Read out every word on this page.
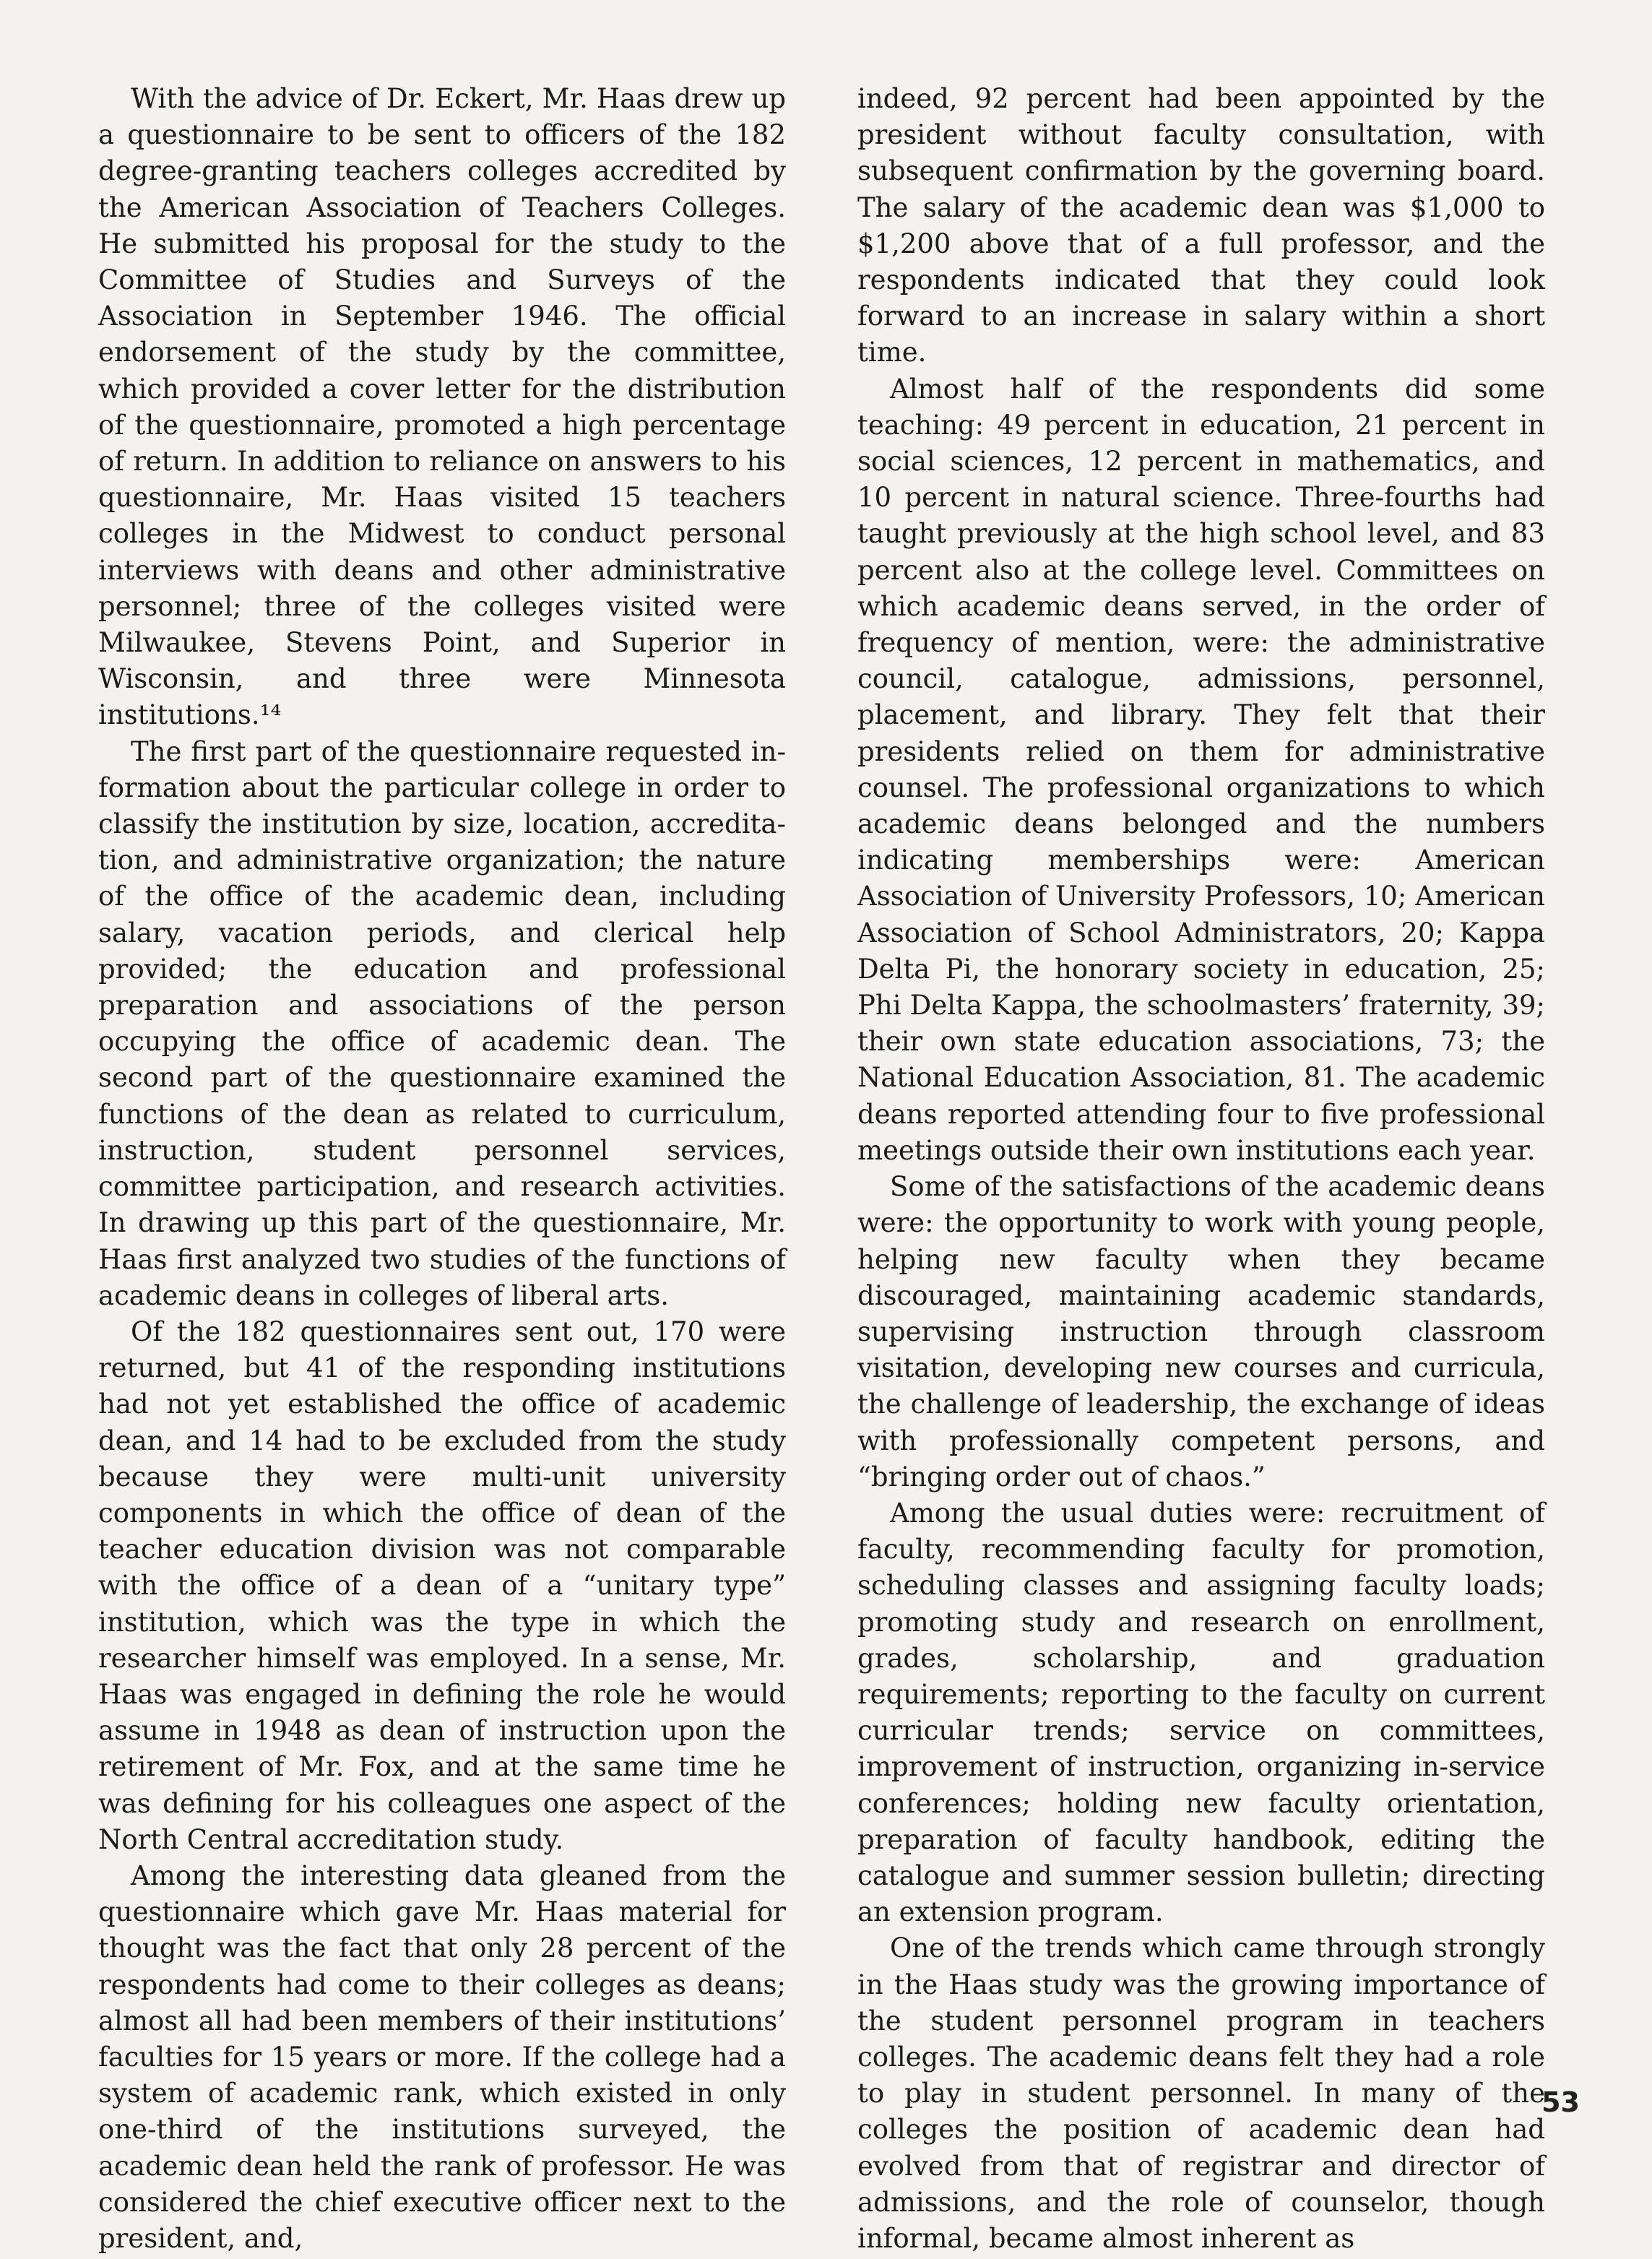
With the advice of Dr. Eckert, Mr. Haas drew up a questionnaire to be sent to officers of the 182 degree-granting teachers colleges accredited by the American Association of Teachers Colleges. He submitted his proposal for the study to the Committee of Studies and Surveys of the Association in September 1946. The official endorsement of the study by the committee, which provided a cover letter for the distribution of the questionnaire, promoted a high percentage of return. In addition to reliance on answers to his questionnaire, Mr. Haas visited 15 teachers colleges in the Midwest to conduct personal interviews with deans and other administrative personnel; three of the colleges visited were Milwaukee, Stevens Point, and Superior in Wisconsin, and three were Minnesota institutions.¹⁴

The first part of the questionnaire requested information about the particular college in order to classify the institution by size, location, accreditation, and administrative organization; the nature of the office of the academic dean, including salary, vacation periods, and clerical help provided; the education and professional preparation and associations of the person occupying the office of academic dean. The second part of the questionnaire examined the functions of the dean as related to curriculum, instruction, student personnel services, committee participation, and research activities. In drawing up this part of the questionnaire, Mr. Haas first analyzed two studies of the functions of academic deans in colleges of liberal arts.

Of the 182 questionnaires sent out, 170 were returned, but 41 of the responding institutions had not yet established the office of academic dean, and 14 had to be excluded from the study because they were multi-unit university components in which the office of dean of the teacher education division was not comparable with the office of a dean of a “unitary type” institution, which was the type in which the researcher himself was employed. In a sense, Mr. Haas was engaged in defining the role he would assume in 1948 as dean of instruction upon the retirement of Mr. Fox, and at the same time he was defining for his colleagues one aspect of the North Central accreditation study.

Among the interesting data gleaned from the questionnaire which gave Mr. Haas material for thought was the fact that only 28 percent of the respondents had come to their colleges as deans; almost all had been members of their institutions’ faculties for 15 years or more. If the college had a system of academic rank, which existed in only one-third of the institutions surveyed, the academic dean held the rank of professor. He was considered the chief executive officer next to the president, and,

indeed, 92 percent had been appointed by the president without faculty consultation, with subsequent confirmation by the governing board. The salary of the academic dean was $1,000 to $1,200 above that of a full professor, and the respondents indicated that they could look forward to an increase in salary within a short time.

Almost half of the respondents did some teaching: 49 percent in education, 21 percent in social sciences, 12 percent in mathematics, and 10 percent in natural science. Three-fourths had taught previously at the high school level, and 83 percent also at the college level. Committees on which academic deans served, in the order of frequency of mention, were: the administrative council, catalogue, admissions, personnel, placement, and library. They felt that their presidents relied on them for administrative counsel. The professional organizations to which academic deans belonged and the numbers indicating memberships were: American Association of University Professors, 10; American Association of School Administrators, 20; Kappa Delta Pi, the honorary society in education, 25; Phi Delta Kappa, the schoolmasters’ fraternity, 39; their own state education associations, 73; the National Education Association, 81. The academic deans reported attending four to five professional meetings outside their own institutions each year.

Some of the satisfactions of the academic deans were: the opportunity to work with young people, helping new faculty when they became discouraged, maintaining academic standards, supervising instruction through classroom visitation, developing new courses and curricula, the challenge of leadership, the exchange of ideas with professionally competent persons, and “bringing order out of chaos.”

Among the usual duties were: recruitment of faculty, recommending faculty for promotion, scheduling classes and assigning faculty loads; promoting study and research on enrollment, grades, scholarship, and graduation requirements; reporting to the faculty on current curricular trends; service on committees, improvement of instruction, organizing in-service conferences; holding new faculty orientation, preparation of faculty handbook, editing the catalogue and summer session bulletin; directing an extension program.

One of the trends which came through strongly in the Haas study was the growing importance of the student personnel program in teachers colleges. The academic deans felt they had a role to play in student personnel. In many of the colleges the position of academic dean had evolved from that of registrar and director of admissions, and the role of counselor, though informal, became almost inherent as

53
